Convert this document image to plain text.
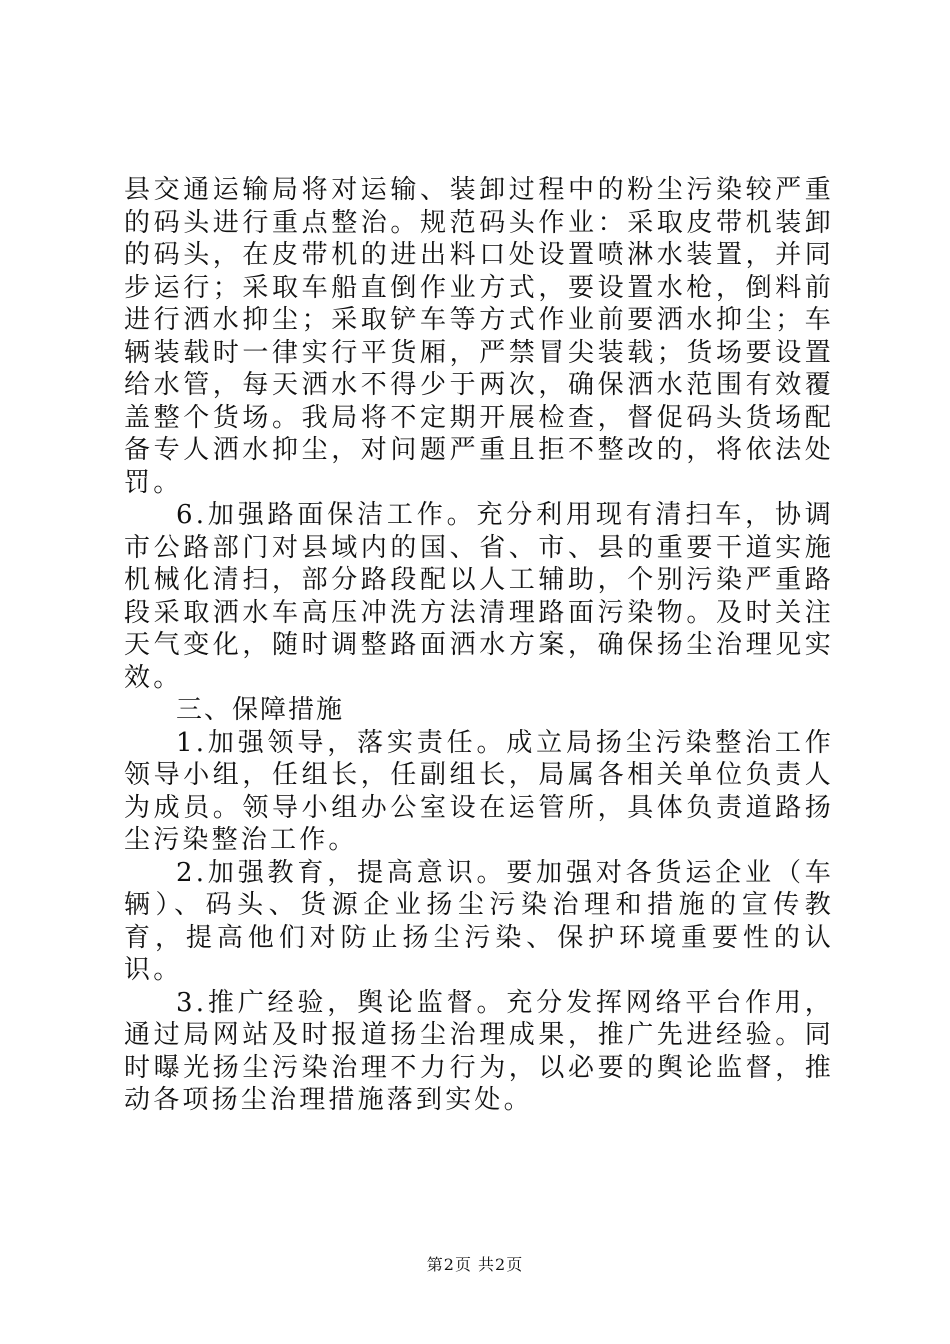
县交通运输局将对运输、装卸过程中的粉尘污染较严重的码头进行重点整治。规范码头作业：采取皮带机装卸的码头，在皮带机的进出料口处设置喷淋水装置，并同步运行；采取车船直倒作业方式，要设置水枪，倒料前进行洒水抑尘；采取铲车等方式作业前要洒水抑尘；车辆装载时一律实行平货厢，严禁冒尖装载；货场要设置给水管，每天洒水不得少于两次，确保洒水范围有效覆盖整个货场。我局将不定期开展检查，督促码头货场配备专人洒水抑尘，对问题严重且拒不整改的，将依法处罚。

6.加强路面保洁工作。充分利用现有清扫车，协调市公路部门对县域内的国、省、市、县的重要干道实施机械化清扫，部分路段配以人工辅助，个别污染严重路段采取洒水车高压冲洗方法清理路面污染物。及时关注天气变化，随时调整路面洒水方案，确保扬尘治理见实效。

三、保障措施

1.加强领导，落实责任。成立局扬尘污染整治工作领导小组，任组长，任副组长，局属各相关单位负责人为成员。领导小组办公室设在运管所，具体负责道路扬尘污染整治工作。

2.加强教育，提高意识。要加强对各货运企业（车辆）、码头、货源企业扬尘污染治理和措施的宣传教育，提高他们对防止扬尘污染、保护环境重要性的认识。

3.推广经验，舆论监督。充分发挥网络平台作用，通过局网站及时报道扬尘治理成果，推广先进经验。同时曝光扬尘污染治理不力行为，以必要的舆论监督，推动各项扬尘治理措施落到实处。

第2页 共2页
